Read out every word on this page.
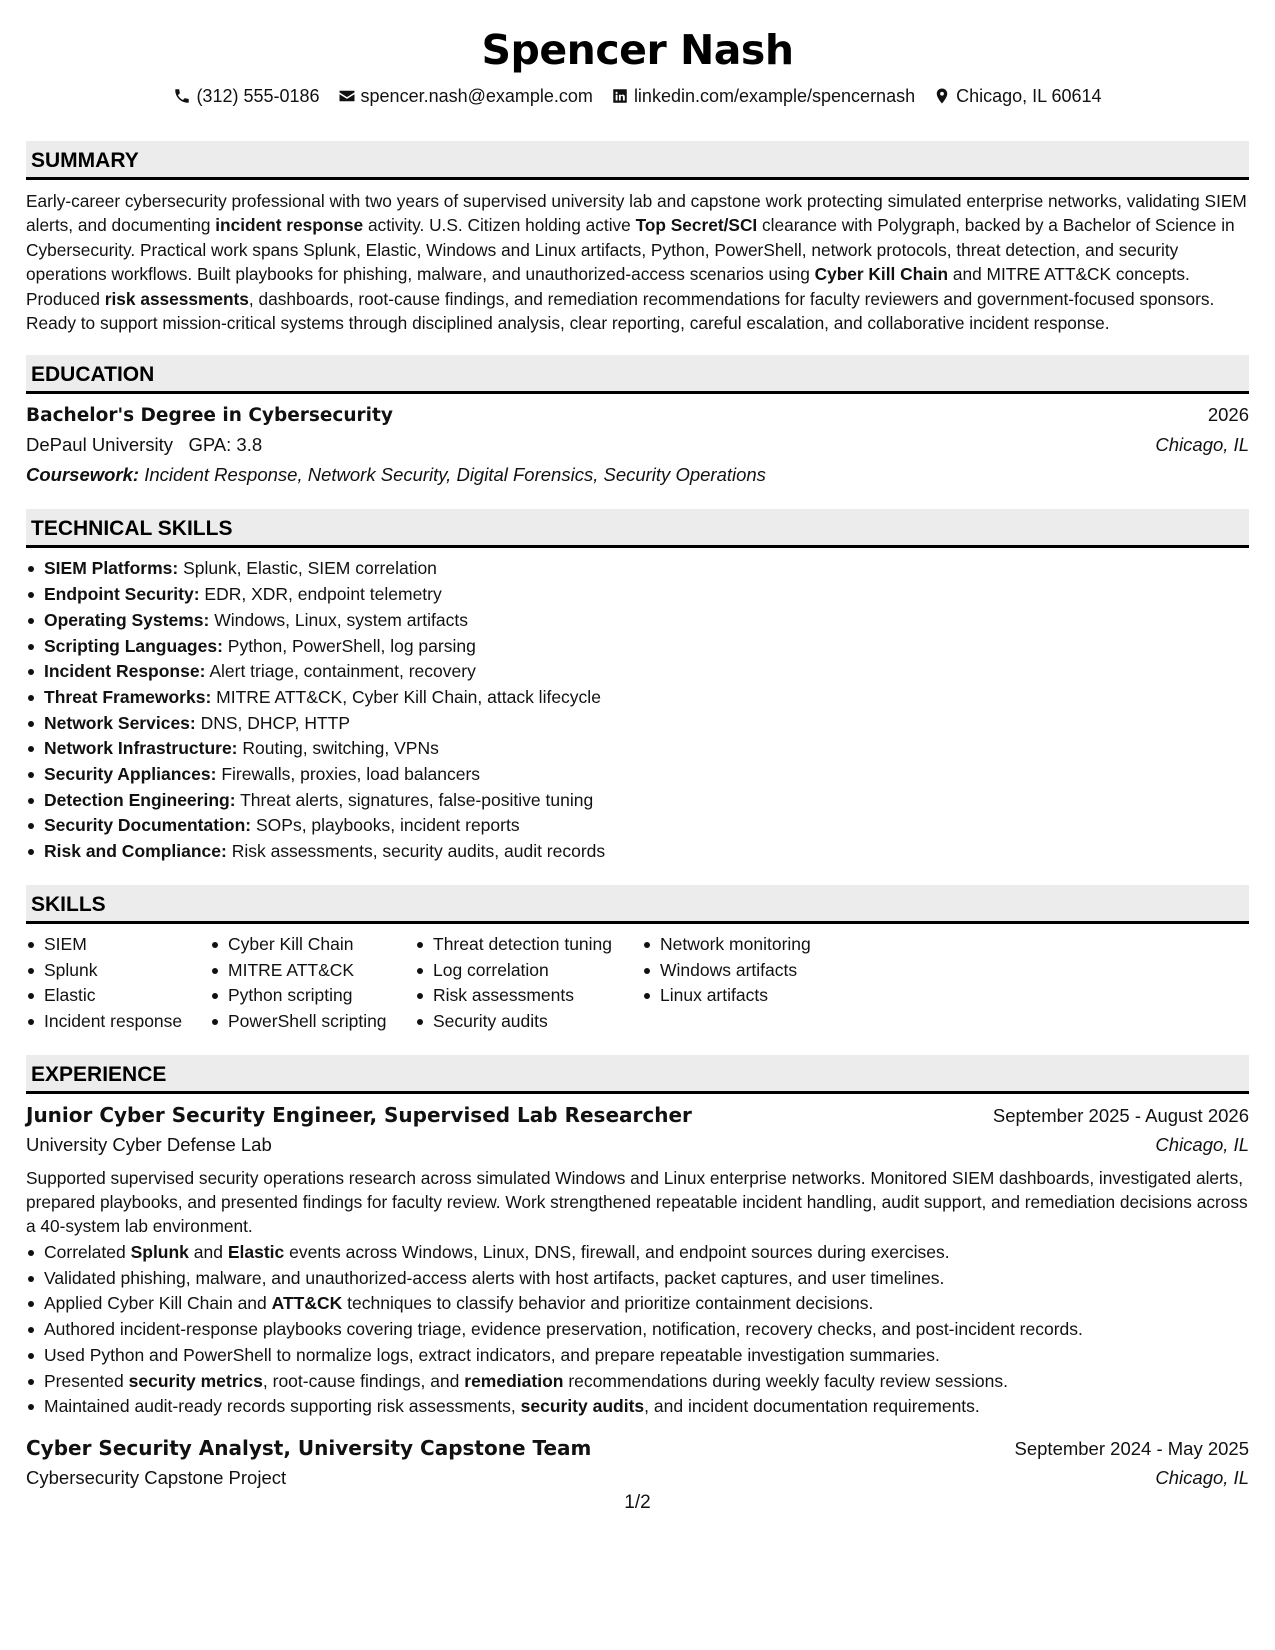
Spencer Nash
(312) 555-0186 spencer.nash@example.com linkedin.com/example/spencernash Chicago, IL 60614
SUMMARY

Early-career cybersecurity professional with two years of supervised university lab and capstone work protecting simulated enterprise networks, validating SIEM alerts, and documenting incident response activity. U.S. Citizen holding active Top Secret/SCI clearance with Polygraph, backed by a Bachelor of Science in Cybersecurity. Practical work spans Splunk, Elastic, Windows and Linux artifacts, Python, PowerShell, network protocols, threat detection, and security operations workflows. Built playbooks for phishing, malware, and unauthorized-access scenarios using Cyber Kill Chain and MITRE ATT&CK concepts. Produced risk assessments, dashboards, root-cause findings, and remediation recommendations for faculty reviewers and government-focused sponsors. Ready to support mission-critical systems through disciplined analysis, clear reporting, careful escalation, and collaborative incident response.

EDUCATION
Bachelor's Degree in Cybersecurity	2026
DePaul University GPA: 3.8	Chicago, IL
Coursework: Incident Response, Network Security, Digital Forensics, Security Operations
TECHNICAL SKILLS
SIEM Platforms: Splunk, Elastic, SIEM correlation
Endpoint Security: EDR, XDR, endpoint telemetry
Operating Systems: Windows, Linux, system artifacts
Scripting Languages: Python, PowerShell, log parsing
Incident Response: Alert triage, containment, recovery
Threat Frameworks: MITRE ATT&CK, Cyber Kill Chain, attack lifecycle
Network Services: DNS, DHCP, HTTP
Network Infrastructure: Routing, switching, VPNs
Security Appliances: Firewalls, proxies, load balancers
Detection Engineering: Threat alerts, signatures, false-positive tuning
Security Documentation: SOPs, playbooks, incident reports
Risk and Compliance: Risk assessments, security audits, audit records
SKILLS
SIEM
Splunk
Elastic
Incident response
Cyber Kill Chain
MITRE ATT&CK
Python scripting
PowerShell scripting
Threat detection tuning
Log correlation
Risk assessments
Security audits
Network monitoring
Windows artifacts
Linux artifacts
EXPERIENCE
Junior Cyber Security Engineer, Supervised Lab Researcher	September 2025 - August 2026
University Cyber Defense Lab	Chicago, IL

Supported supervised security operations research across simulated Windows and Linux enterprise networks. Monitored SIEM dashboards, investigated alerts, prepared playbooks, and presented findings for faculty review. Work strengthened repeatable incident handling, audit support, and remediation decisions across a 40-system lab environment.

Correlated Splunk and Elastic events across Windows, Linux, DNS, firewall, and endpoint sources during exercises.
Validated phishing, malware, and unauthorized-access alerts with host artifacts, packet captures, and user timelines.
Applied Cyber Kill Chain and ATT&CK techniques to classify behavior and prioritize containment decisions.
Authored incident-response playbooks covering triage, evidence preservation, notification, recovery checks, and post-incident records.
Used Python and PowerShell to normalize logs, extract indicators, and prepare repeatable investigation summaries.
Presented security metrics, root-cause findings, and remediation recommendations during weekly faculty review sessions.
Maintained audit-ready records supporting risk assessments, security audits, and incident documentation requirements.
Cyber Security Analyst, University Capstone Team	September 2024 - May 2025
Cybersecurity Capstone Project	Chicago, IL
1/2
